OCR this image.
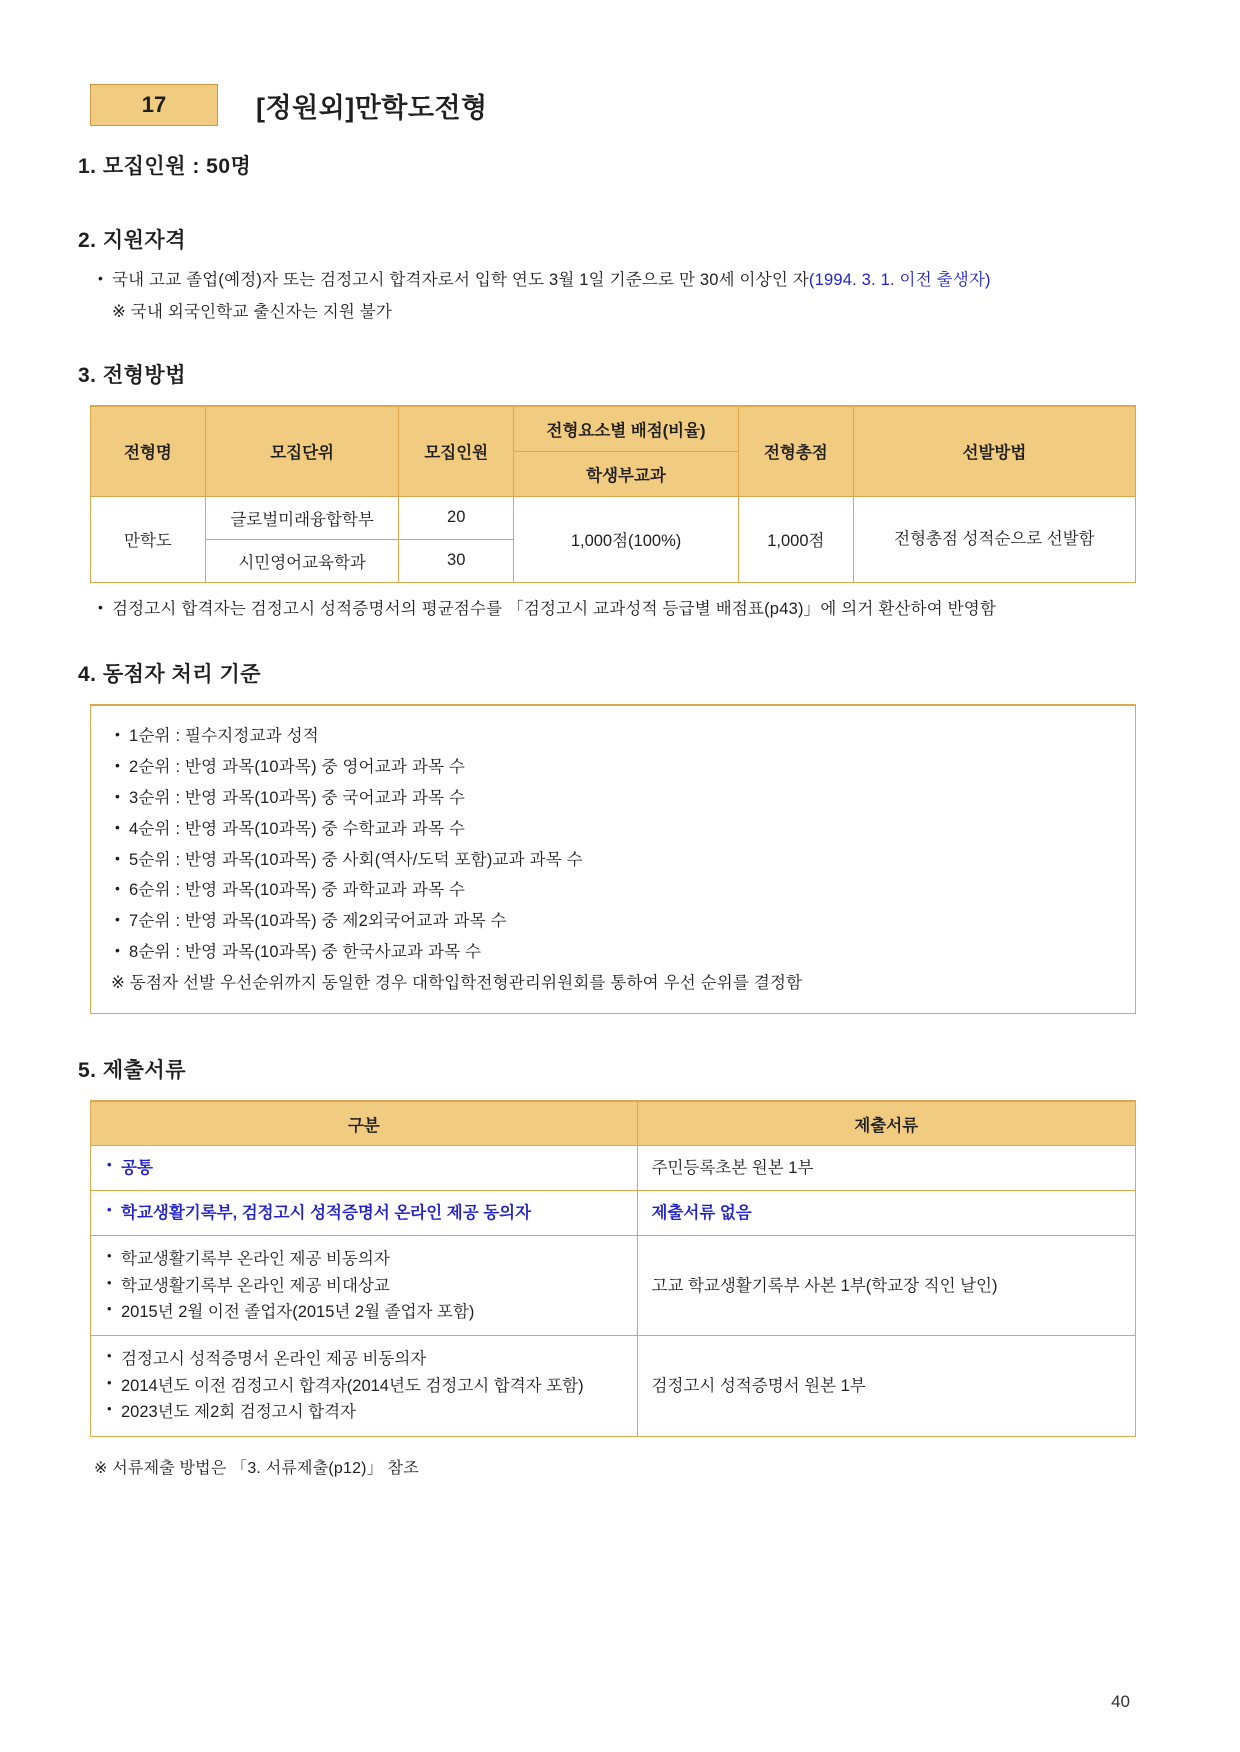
17	[정원외]만학도전형
1. 모집인원 : 50명
2. 지원자격
• 국내 고교 졸업(예정)자 또는 검정고시 합격자로서 입학 연도 3월 1일 기준으로 만 30세 이상인 자(1994. 3. 1. 이전 출생자)
※ 국내 외국인학교 출신자는 지원 불가
3. 전형방법
전형명	모집단위	모집인원	전형요소별 배점(비율)	전형총점	선발방법
			학생부교과		
만학도	글로벌미래융합학부	20	1,000점(100%)	1,000점	전형총점 성적순으로 선발함
	시민영어교육학과	30			
• 검정고시 합격자는 검정고시 성적증명서의 평균점수를 「검정고시 교과성적 등급별 배점표(p43)」에 의거 환산하여 반영함
4. 동점자 처리 기준
• 1순위 : 필수지정교과 성적
• 2순위 : 반영 과목(10과목) 중 영어교과 과목 수
• 3순위 : 반영 과목(10과목) 중 국어교과 과목 수
• 4순위 : 반영 과목(10과목) 중 수학교과 과목 수
• 5순위 : 반영 과목(10과목) 중 사회(역사/도덕 포함)교과 과목 수
• 6순위 : 반영 과목(10과목) 중 과학교과 과목 수
• 7순위 : 반영 과목(10과목) 중 제2외국어교과 과목 수
• 8순위 : 반영 과목(10과목) 중 한국사교과 과목 수
※ 동점자 선발 우선순위까지 동일한 경우 대학입학전형관리위원회를 통하여 우선 순위를 결정함
5. 제출서류
구분	제출서류

• 공통	주민등록초본 원본 1부

• 학교생활기록부, 검정고시 성적증명서 온라인 제공 동의자	제출서류 없음

• 학교생활기록부 온라인 제공 비동의자
• 학교생활기록부 온라인 제공 비대상교
• 2015년 2월 이전 졸업자(2015년 2월 졸업자 포함)	고교 학교생활기록부 사본 1부(학교장 직인 날인)

• 검정고시 성적증명서 온라인 제공 비동의자
• 2014년도 이전 검정고시 합격자(2014년도 검정고시 합격자 포함)
• 2023년도 제2회 검정고시 합격자	검정고시 성적증명서 원본 1부
※ 서류제출 방법은 「3. 서류제출(p12)」 참조
40
